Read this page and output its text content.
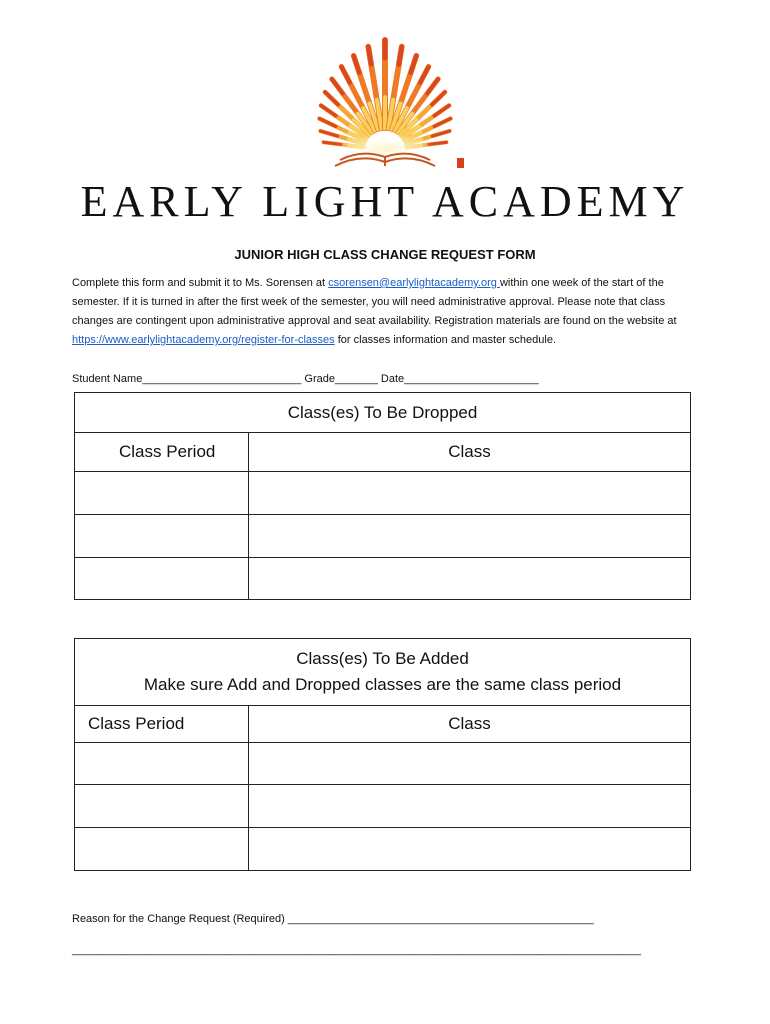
EARLY LIGHT ACADEMY
JUNIOR HIGH CLASS CHANGE REQUEST FORM
Complete this form and submit it to Ms. Sorensen at csorensen@earlylightacademy.org within one week of the start of the semester. If it is turned in after the first week of the semester, you will need administrative approval. Please note that class changes are contingent upon administrative approval and seat availability. Registration materials are found on the website at https://www.earlylightacademy.org/register-for-classes for classes information and master schedule.
Student Name__________________________ Grade_______ Date______________________
Class(es) To Be Dropped	
Class Period	Class

Class(es) To Be Added
Make sure Add and Dropped classes are the same class period	

Class Period	Class

Reason for the Change Request (Required) __________________________________________________
_____________________________________________________________________________________________
